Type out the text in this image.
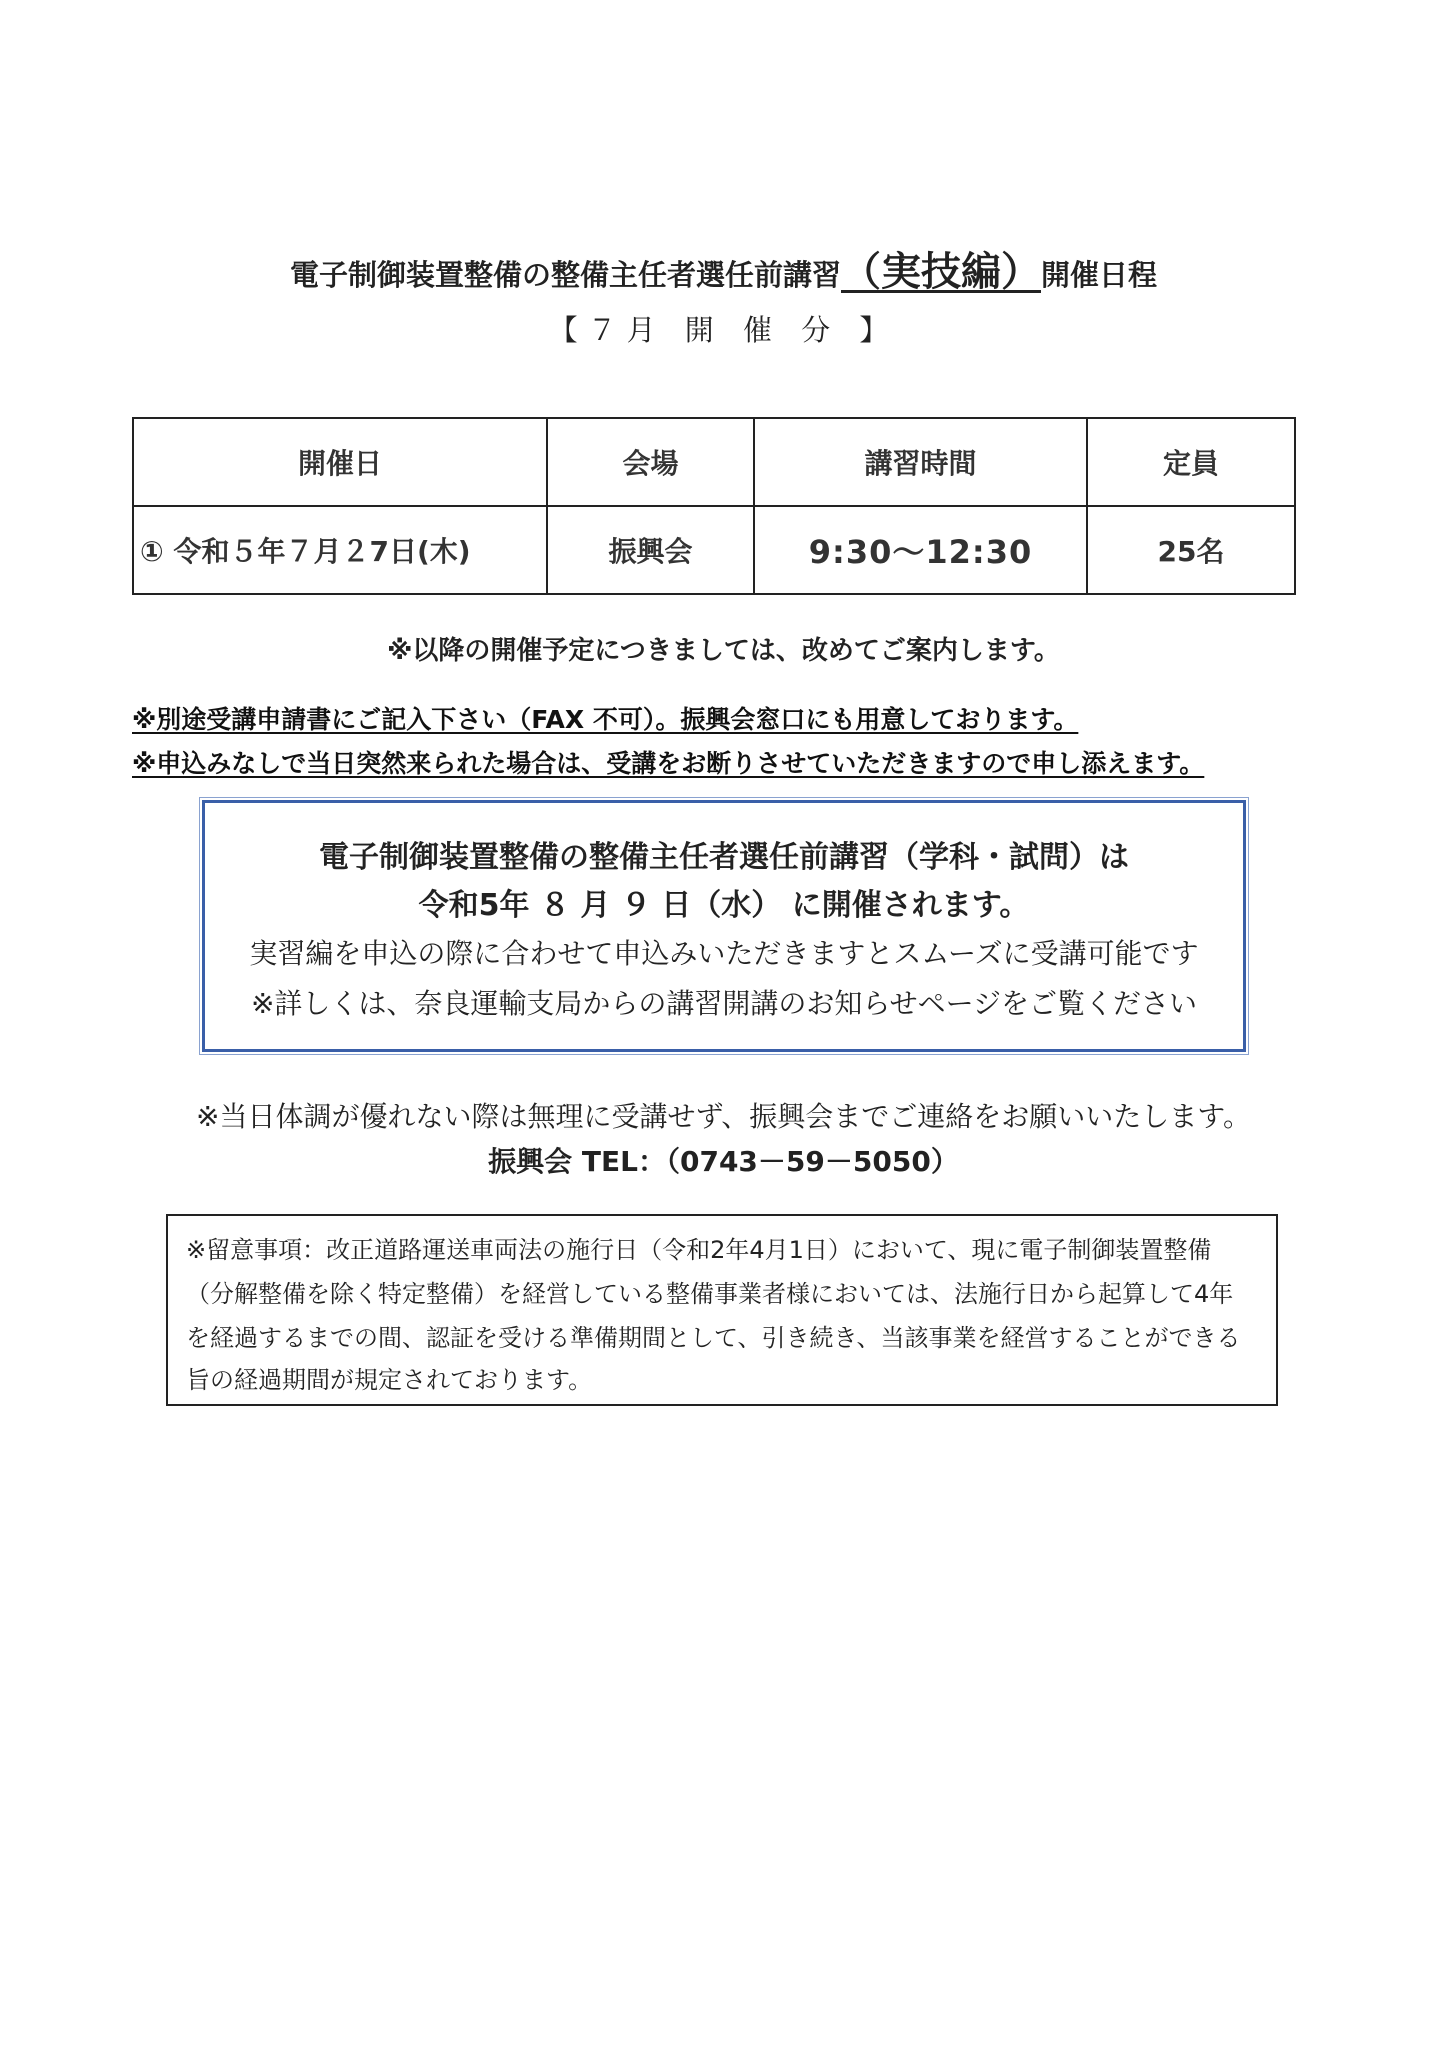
電子制御装置整備の整備主任者選任前講習（実技編）開催日程
【７月 開 催 分 】
開催日	会場	講習時間	定員
① 令和５年７月２7日(木)	振興会	9:30～12:30	25名
※以降の開催予定につきましては、改めてご案内します。
※別途受講申請書にご記入下さい（FAX 不可）。振興会窓口にも用意しております。
※申込みなしで当日突然来られた場合は、受講をお断りさせていただきますので申し添えます。
電子制御装置整備の整備主任者選任前講習（学科・試問）は
令和5年 ８ 月 ９ 日（水） に開催されます。
実習編を申込の際に合わせて申込みいただきますとスムーズに受講可能です
※詳しくは、奈良運輸支局からの講習開講のお知らせページをご覧ください
※当日体調が優れない際は無理に受講せず、振興会までご連絡をお願いいたします。
振興会 TEL：（0743－59－5050）
※留意事項：改正道路運送車両法の施行日（令和2年4月1日）において、現に電子制御装置整備
（分解整備を除く特定整備）を経営している整備事業者様においては、法施行日から起算して4年
を経過するまでの間、認証を受ける準備期間として、引き続き、当該事業を経営することができる
旨の経過期間が規定されております。
